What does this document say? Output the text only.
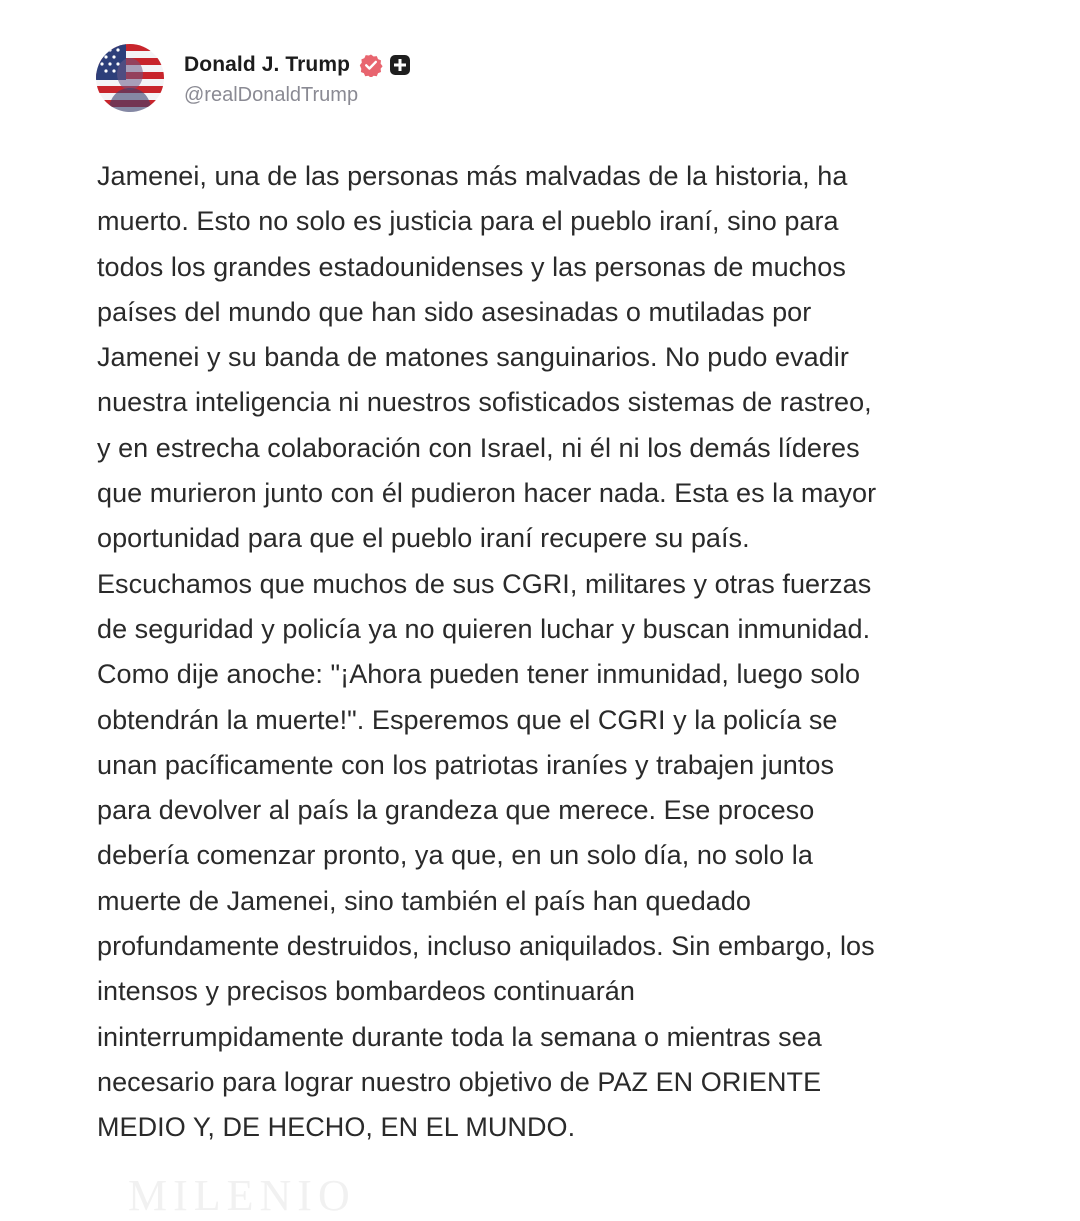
Donald J. Trump
@realDonaldTrump

Jamenei, una de las personas más malvadas de la historia, ha
muerto. Esto no solo es justicia para el pueblo iraní, sino para
todos los grandes estadounidenses y las personas de muchos
países del mundo que han sido asesinadas o mutiladas por
Jamenei y su banda de matones sanguinarios. No pudo evadir
nuestra inteligencia ni nuestros sofisticados sistemas de rastreo,
y en estrecha colaboración con Israel, ni él ni los demás líderes
que murieron junto con él pudieron hacer nada. Esta es la mayor
oportunidad para que el pueblo iraní recupere su país.
Escuchamos que muchos de sus CGRI, militares y otras fuerzas
de seguridad y policía ya no quieren luchar y buscan inmunidad.
Como dije anoche: "¡Ahora pueden tener inmunidad, luego solo
obtendrán la muerte!". Esperemos que el CGRI y la policía se
unan pacíficamente con los patriotas iraníes y trabajen juntos
para devolver al país la grandeza que merece. Ese proceso
debería comenzar pronto, ya que, en un solo día, no solo la
muerte de Jamenei, sino también el país han quedado
profundamente destruidos, incluso aniquilados. Sin embargo, los
intensos y precisos bombardeos continuarán
ininterrumpidamente durante toda la semana o mientras sea
necesario para lograr nuestro objetivo de PAZ EN ORIENTE
MEDIO Y, DE HECHO, EN EL MUNDO.

MILENIO
